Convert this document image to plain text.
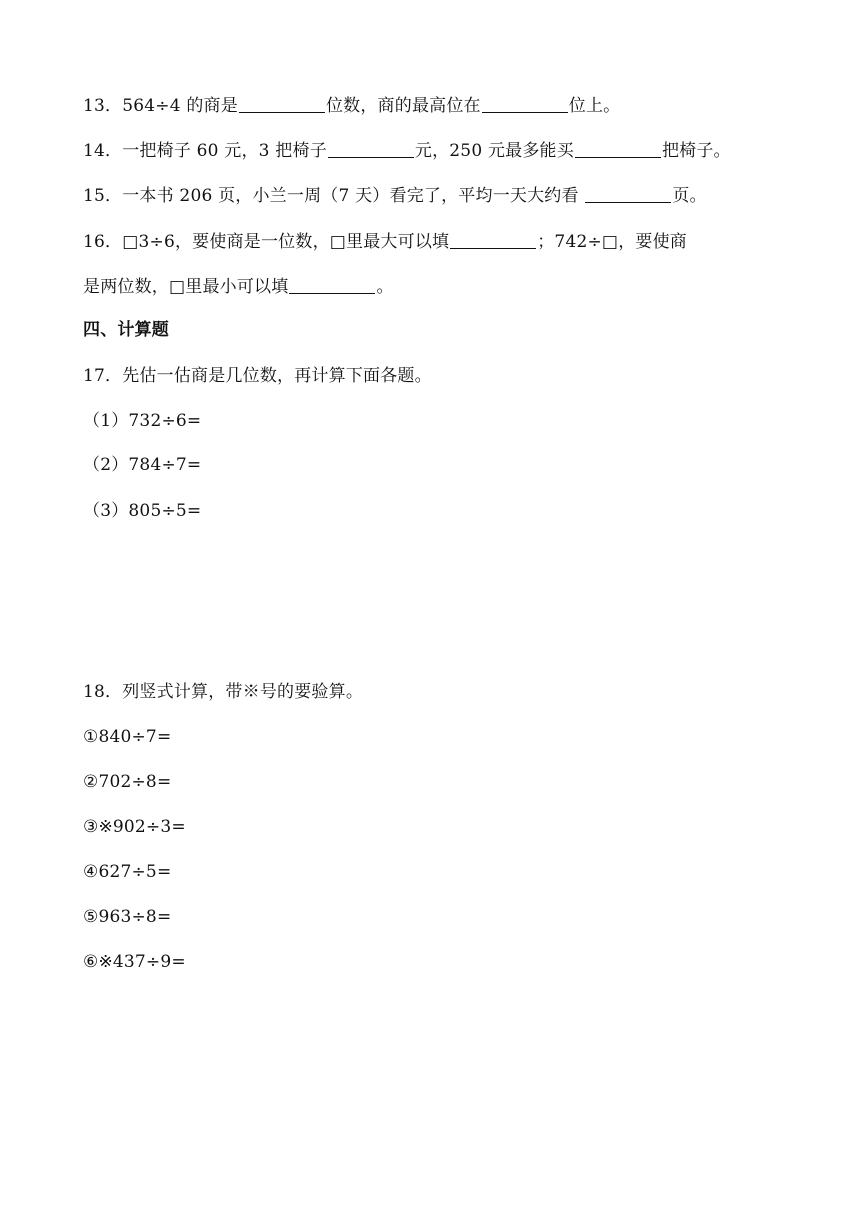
13．564÷4 的商是	位数，商的最高位在	位上。
14．一把椅子 60 元，3 把椅子	元，250 元最多能买	把椅子。
15．一本书 206 页，小兰一周（7 天）看完了，平均一天大约看	页。
16．□3÷6，要使商是一位数，□里最大可以填	；742÷□，要使商
是两位数，□里最小可以填	。
四、计算题
17．先估一估商是几位数，再计算下面各题。
（1）732÷6=
（2）784÷7=
（3）805÷5=
18．列竖式计算，带※号的要验算。
①840÷7=
②702÷8=
③※902÷3=
④627÷5=
⑤963÷8=
⑥※437÷9=
